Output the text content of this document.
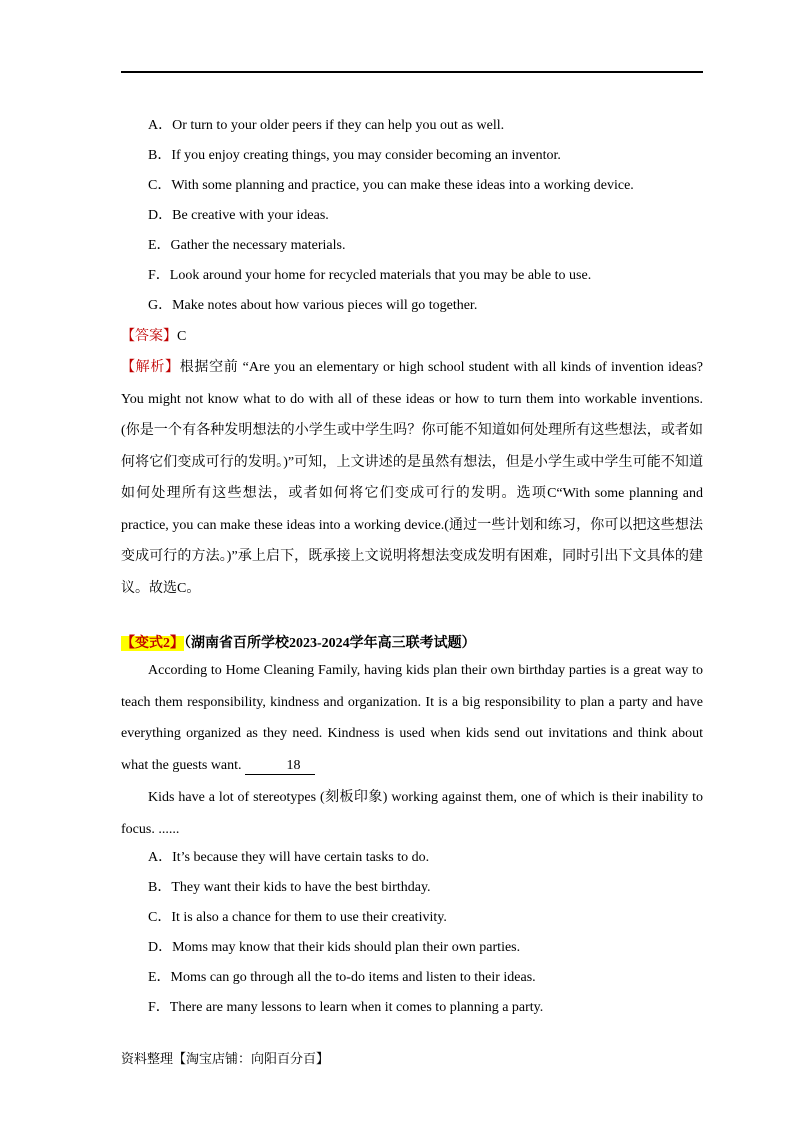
A．Or turn to your older peers if they can help you out as well.
B．If you enjoy creating things, you may consider becoming an inventor.
C．With some planning and practice, you can make these ideas into a working device.
D．Be creative with your ideas.
E．Gather the necessary materials.
F．Look around your home for recycled materials that you may be able to use.
G．Make notes about how various pieces will go together.
【答案】C
【解析】根据空前 “Are you an elementary or high school student with all kinds of invention ideas? You might not know what to do with all of these ideas or how to turn them into workable inventions. (你是一个有各种发明想法的小学生或中学生吗？你可能不知道如何处理所有这些想法，或者如何将它们变成可行的发明。)”可知，上文讲述的是虽然有想法，但是小学生或中学生可能不知道如何处理所有这些想法，或者如何将它们变成可行的发明。选项C“With some planning and practice, you can make these ideas into a working device.(通过一些计划和练习，你可以把这些想法变成可行的方法。)”承上启下，既承接上文说明将想法变成发明有困难，同时引出下文具体的建议。故选C。
【变式2】（湖南省百所学校2023-2024学年高三联考试题）
According to Home Cleaning Family, having kids plan their own birthday parties is a great way to teach them responsibility, kindness and organization. It is a big responsibility to plan a party and have everything organized as they need. Kindness is used when kids send out invitations and think about what the guests want.	18
Kids have a lot of stereotypes (刻板印象) working against them, one of which is their inability to focus. ......
A．It’s because they will have certain tasks to do.
B．They want their kids to have the best birthday.
C．It is also a chance for them to use their creativity.
D．Moms may know that their kids should plan their own parties.
E．Moms can go through all the to-do items and listen to their ideas.
F．There are many lessons to learn when it comes to planning a party.
资料整理【淘宝店铺：向阳百分百】
